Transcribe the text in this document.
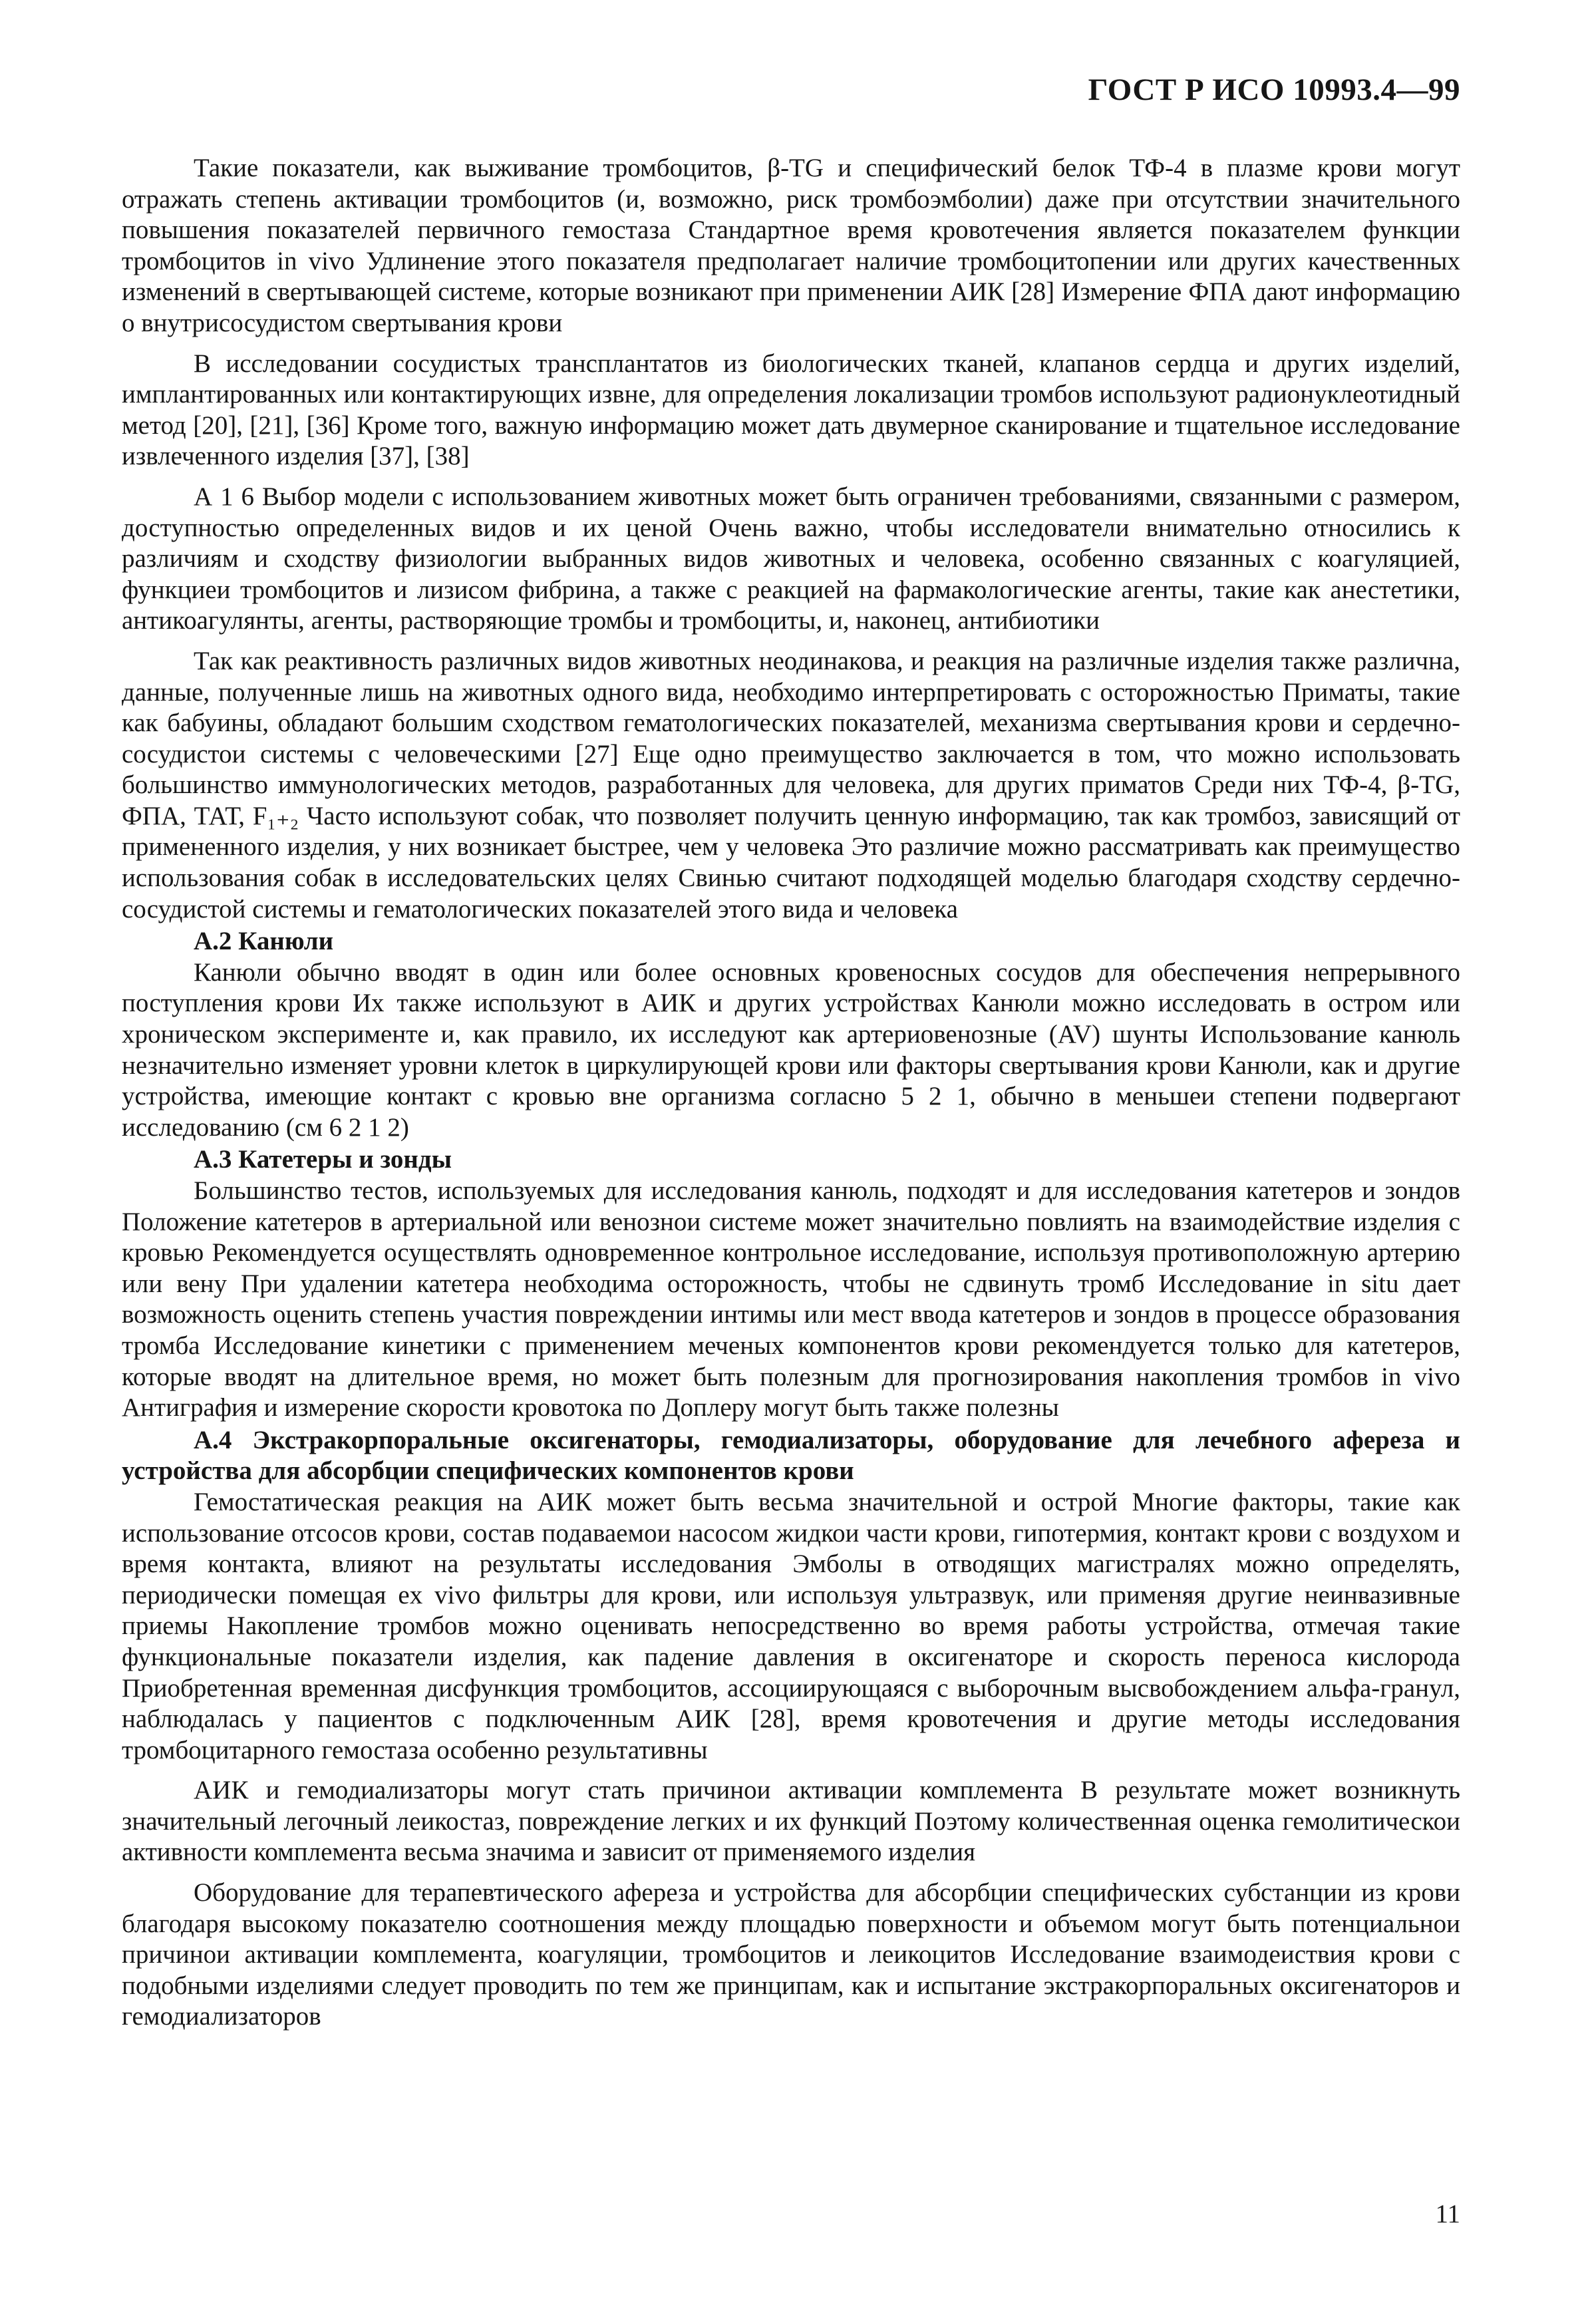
ГОСТ Р ИСО 10993.4—99

Такие показатели, как выживание тромбоцитов, β-TG и специфический белок ТФ-4 в плазме крови могут отражать степень активации тромбоцитов (и, возможно, риск тромбоэмболии) даже при отсутствии значительного повышения показателей первичного гемостаза Стандартное время кровотечения является показателем функции тромбоцитов in vivo Удлинение этого показателя предполагает наличие тромбоцитопении или других качественных изменений в свертывающей системе, которые возникают при применении АИК [28] Измерение ФПА дают информацию о внутрисосудистом свертывания крови

В исследовании сосудистых трансплантатов из биологических тканей, клапанов сердца и других изделий, имплантированных или контактирующих извне, для определения локализации тромбов используют радионуклеотидный метод [20], [21], [36] Кроме того, важную информацию может дать двумерное сканирование и тщательное исследование извлеченного изделия [37], [38]

А 1 6 Выбор модели с использованием животных может быть ограничен требованиями, связанными с размером, доступностью определенных видов и их ценой Очень важно, чтобы исследователи внимательно относились к различиям и сходству физиологии выбранных видов животных и человека, особенно связанных с коагуляцией, функциеи тромбоцитов и лизисом фибрина, а также с реакцией на фармакологические агенты, такие как анестетики, антикоагулянты, агенты, растворяющие тромбы и тромбоциты, и, наконец, антибиотики

Так как реактивность различных видов животных неодинакова, и реакция на различные изделия также различна, данные, полученные лишь на животных одного вида, необходимо интерпретировать с осторожностью Приматы, такие как бабуины, обладают большим сходством гематологических показателей, механизма свертывания крови и сердечно-сосудистои системы с человеческими [27] Еще одно преимущество заключается в том, что можно использовать большинство иммунологических методов, разработанных для человека, для других приматов Среди них ТФ-4, β-TG, ФПА, ТАТ, F₁₊₂ Часто используют собак, что позволяет получить ценную информацию, так как тромбоз, зависящий от примененного изделия, у них возникает быстрее, чем у человека Это различие можно рассматривать как преимущество использования собак в исследовательских целях Свинью считают подходящей моделью благодаря сходству сердечно-сосудистой системы и гематологических показателей этого вида и человека

А.2 Канюли

Канюли обычно вводят в один или более основных кровеносных сосудов для обеспечения непрерывного поступления крови Их также используют в АИК и других устройствах Канюли можно исследовать в остром или хроническом эксперименте и, как правило, их исследуют как артериовенозные (AV) шунты Использование канюль незначительно изменяет уровни клеток в циркулирующей крови или факторы свертывания крови Канюли, как и другие устройства, имеющие контакт с кровью вне организма согласно 5 2 1, обычно в меньшеи степени подвергают исследованию (см 6 2 1 2)

А.3 Катетеры и зонды

Большинство тестов, используемых для исследования канюль, подходят и для исследования катетеров и зондов Положение катетеров в артериальной или венознои системе может значительно повлиять на взаимодействие изделия с кровью Рекомендуется осуществлять одновременное контрольное исследование, используя противоположную артерию или вену При удалении катетера необходима осторожность, чтобы не сдвинуть тромб Исследование in situ дает возможность оценить степень участия повреждении интимы или мест ввода катетеров и зондов в процессе образования тромба Исследование кинетики с применением меченых компонентов крови рекомендуется только для катетеров, которые вводят на длительное время, но может быть полезным для прогнозирования накопления тромбов in vivo Антиграфия и измерение скорости кровотока по Доплеру могут быть также полезны

А.4 Экстракорпоральные оксигенаторы, гемодиализаторы, оборудование для лечебного афереза и устройства для абсорбции специфических компонентов крови

Гемостатическая реакция на АИК может быть весьма значительной и острой Многие факторы, такие как использование отсосов крови, состав подаваемои насосом жидкои части крови, гипотермия, контакт крови с воздухом и время контакта, влияют на результаты исследования Эмболы в отводящих магистралях можно определять, периодически помещая ex vivo фильтры для крови, или используя ультразвук, или применяя другие неинвазивные приемы Накопление тромбов можно оценивать непосредственно во время работы устройства, отмечая такие функциональные показатели изделия, как падение давления в оксигенаторе и скорость переноса кислорода Приобретенная временная дисфункция тромбоцитов, ассоциирующаяся с выборочным высвобождением альфа-гранул, наблюдалась у пациентов с подключенным АИК [28], время кровотечения и другие методы исследования тромбоцитарного гемостаза особенно результативны

АИК и гемодиализаторы могут стать причинои активации комплемента В результате может возникнуть значительный легочный леикостаз, повреждение легких и их функций Поэтому количественная оценка гемолитическои активности комплемента весьма значима и зависит от применяемого изделия

Оборудование для терапевтического афереза и устройства для абсорбции специфических субстанции из крови благодаря высокому показателю соотношения между площадью поверхности и объемом могут быть потенциальнои причинои активации комплемента, коагуляции, тромбоцитов и леикоцитов Исследование взаимодеиствия крови с подобными изделиями следует проводить по тем же принципам, как и испытание экстракорпоральных оксигенаторов и гемодиализаторов

11
